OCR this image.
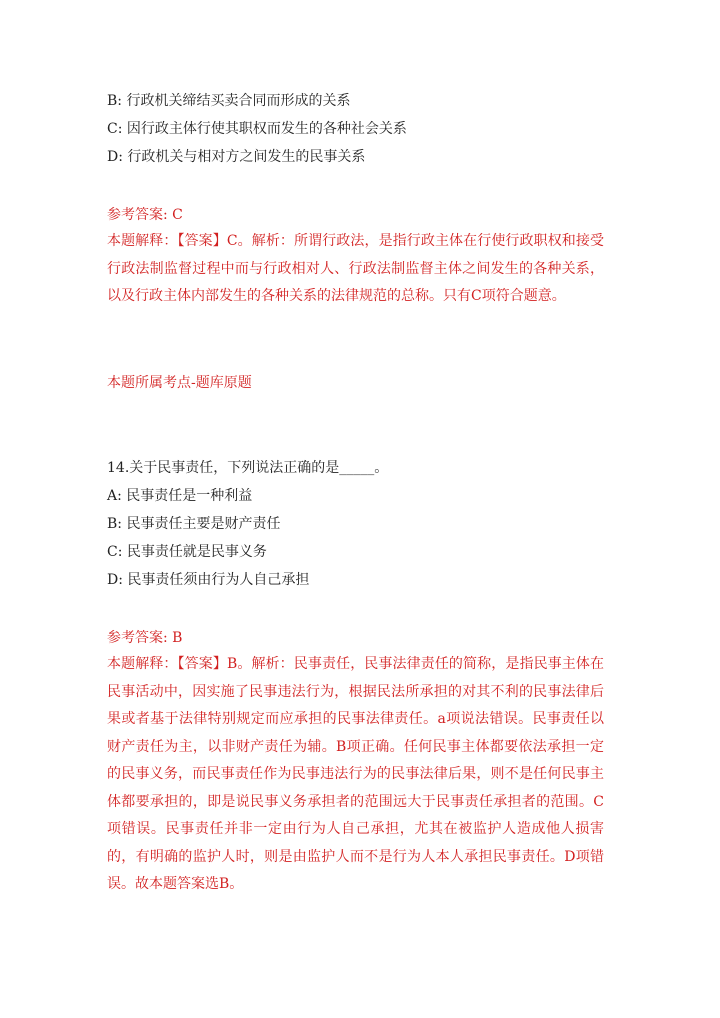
B: 行政机关缔结买卖合同而形成的关系
C: 因行政主体行使其职权而发生的各种社会关系
D: 行政机关与相对方之间发生的民事关系
参考答案: C
本题解释：【答案】C。解析：所谓行政法，是指行政主体在行使行政职权和接受行政法制监督过程中而与行政相对人、行政法制监督主体之间发生的各种关系，以及行政主体内部发生的各种关系的法律规范的总称。只有C项符合题意。
本题所属考点-题库原题
14.关于民事责任，下列说法正确的是_____。
A: 民事责任是一种利益
B: 民事责任主要是财产责任
C: 民事责任就是民事义务
D: 民事责任须由行为人自己承担
参考答案: B
本题解释：【答案】B。解析：民事责任，民事法律责任的简称，是指民事主体在民事活动中，因实施了民事违法行为，根据民法所承担的对其不利的民事法律后果或者基于法律特别规定而应承担的民事法律责任。a项说法错误。民事责任以财产责任为主，以非财产责任为辅。B项正确。任何民事主体都要依法承担一定的民事义务，而民事责任作为民事违法行为的民事法律后果，则不是任何民事主体都要承担的，即是说民事义务承担者的范围远大于民事责任承担者的范围。C项错误。民事责任并非一定由行为人自己承担，尤其在被监护人造成他人损害的，有明确的监护人时，则是由监护人而不是行为人本人承担民事责任。D项错误。故本题答案选B。
